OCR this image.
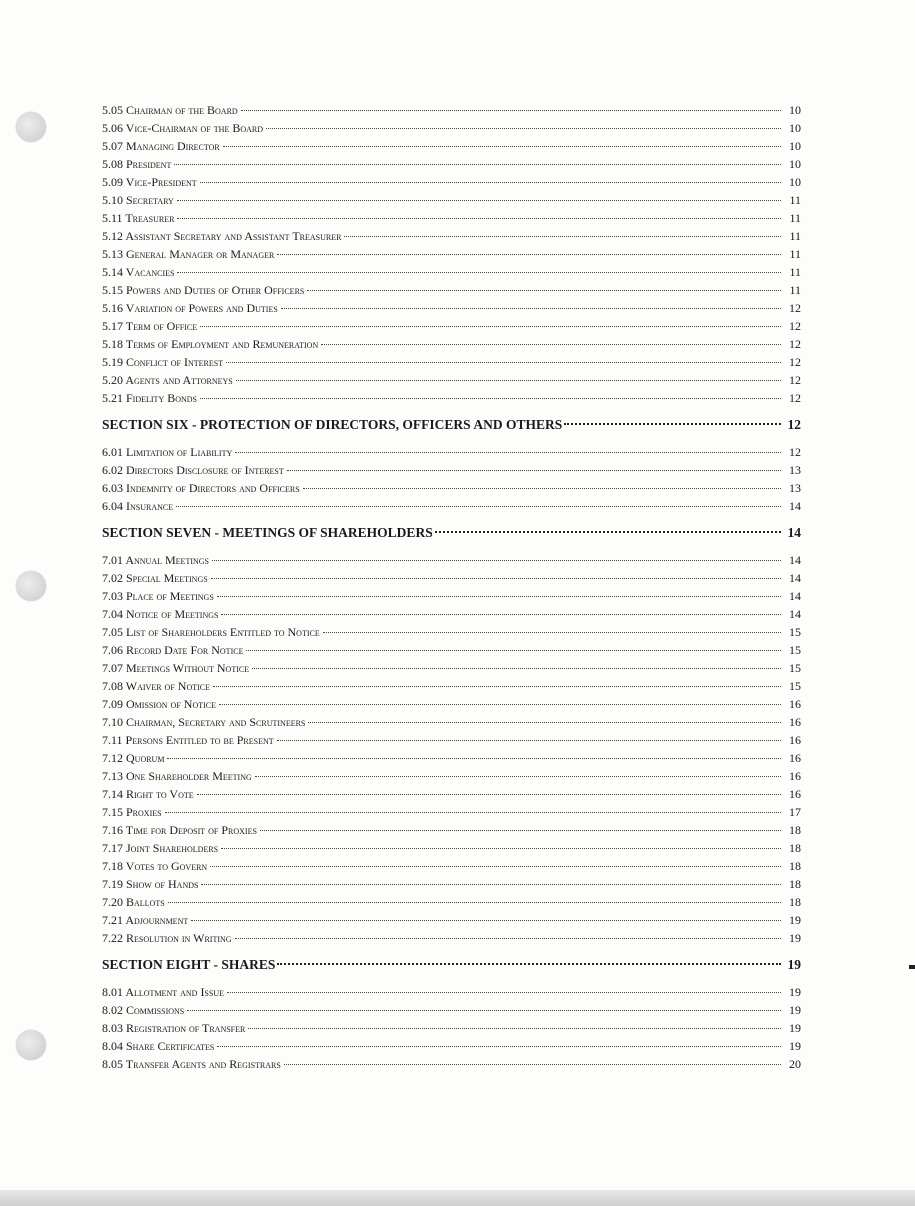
5.05 Chairman of the Board	10
5.06 Vice-Chairman of the Board	10
5.07 Managing Director	10
5.08 President	10
5.09 Vice-President	10
5.10 Secretary	11
5.11 Treasurer	11
5.12 Assistant Secretary and Assistant Treasurer	11
5.13 General Manager or Manager	11
5.14 Vacancies	11
5.15 Powers and Duties of Other Officers	11
5.16 Variation of Powers and Duties	12
5.17 Term of Office	12
5.18 Terms of Employment and Remuneration	12
5.19 Conflict of Interest	12
5.20 Agents and Attorneys	12
5.21 Fidelity Bonds	12
SECTION SIX - PROTECTION OF DIRECTORS, OFFICERS AND OTHERS	12
6.01 Limitation of Liability	12
6.02 Directors Disclosure of Interest	13
6.03 Indemnity of Directors and Officers	13
6.04 Insurance	14
SECTION SEVEN - MEETINGS OF SHAREHOLDERS	14
7.01 Annual Meetings	14
7.02 Special Meetings	14
7.03 Place of Meetings	14
7.04 Notice of Meetings	14
7.05 List of Shareholders Entitled to Notice	15
7.06 Record Date For Notice	15
7.07 Meetings Without Notice	15
7.08 Waiver of Notice	15
7.09 Omission of Notice	16
7.10 Chairman, Secretary and Scrutineers	16
7.11 Persons Entitled to be Present	16
7.12 Quorum	16
7.13 One Shareholder Meeting	16
7.14 Right to Vote	16
7.15 Proxies	17
7.16 Time for Deposit of Proxies	18
7.17 Joint Shareholders	18
7.18 Votes to Govern	18
7.19 Show of Hands	18
7.20 Ballots	18
7.21 Adjournment	19
7.22 Resolution in Writing	19
SECTION EIGHT - SHARES	19
8.01 Allotment and Issue	19
8.02 Commissions	19
8.03 Registration of Transfer	19
8.04 Share Certificates	19
8.05 Transfer Agents and Registrars	20
